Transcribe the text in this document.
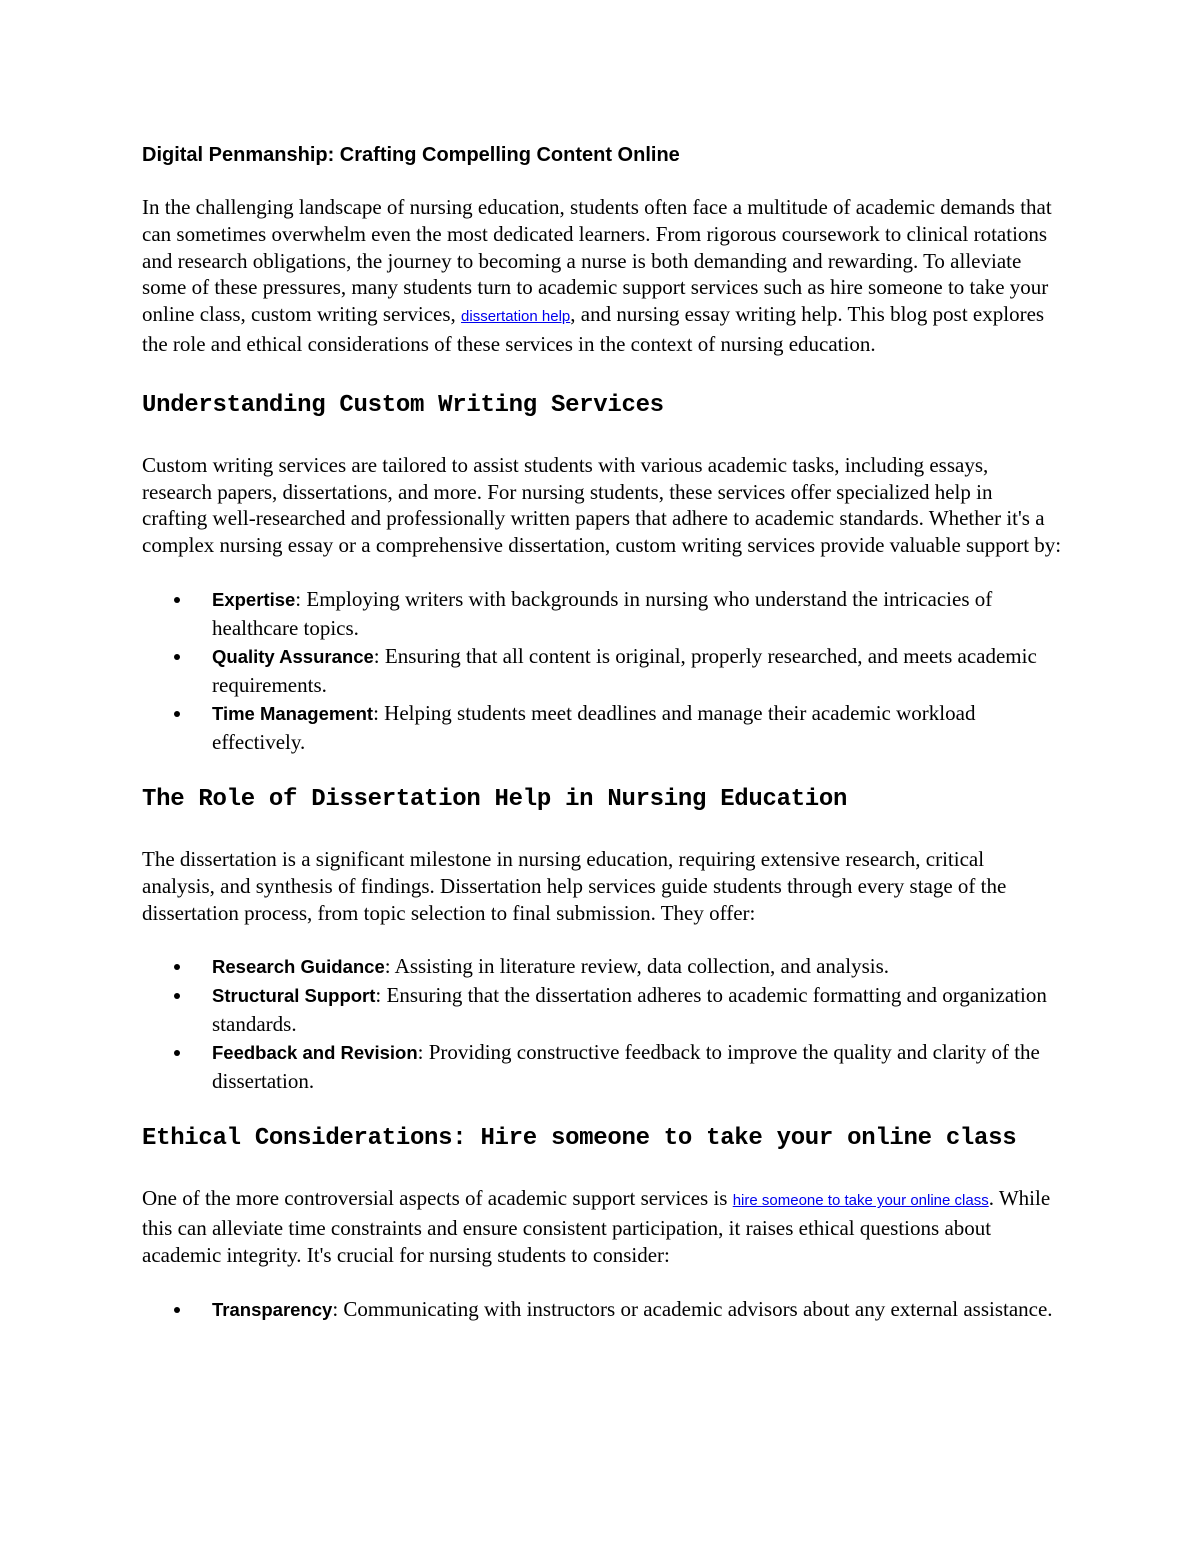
Digital Penmanship: Crafting Compelling Content Online

In the challenging landscape of nursing education, students often face a multitude of academic demands that can sometimes overwhelm even the most dedicated learners. From rigorous coursework to clinical rotations and research obligations, the journey to becoming a nurse is both demanding and rewarding. To alleviate some of these pressures, many students turn to academic support services such as hire someone to take your online class, custom writing services, dissertation help, and nursing essay writing help. This blog post explores the role and ethical considerations of these services in the context of nursing education.

Understanding Custom Writing Services

Custom writing services are tailored to assist students with various academic tasks, including essays, research papers, dissertations, and more. For nursing students, these services offer specialized help in crafting well-researched and professionally written papers that adhere to academic standards. Whether it's a complex nursing essay or a comprehensive dissertation, custom writing services provide valuable support by:

Expertise: Employing writers with backgrounds in nursing who understand the intricacies of healthcare topics.
Quality Assurance: Ensuring that all content is original, properly researched, and meets academic requirements.
Time Management: Helping students meet deadlines and manage their academic workload effectively.
The Role of Dissertation Help in Nursing Education

The dissertation is a significant milestone in nursing education, requiring extensive research, critical analysis, and synthesis of findings. Dissertation help services guide students through every stage of the dissertation process, from topic selection to final submission. They offer:

Research Guidance: Assisting in literature review, data collection, and analysis.
Structural Support: Ensuring that the dissertation adheres to academic formatting and organization standards.
Feedback and Revision: Providing constructive feedback to improve the quality and clarity of the dissertation.
Ethical Considerations: Hire someone to take your online class

One of the more controversial aspects of academic support services is hire someone to take your online class. While this can alleviate time constraints and ensure consistent participation, it raises ethical questions about academic integrity. It's crucial for nursing students to consider:

Transparency: Communicating with instructors or academic advisors about any external assistance.
